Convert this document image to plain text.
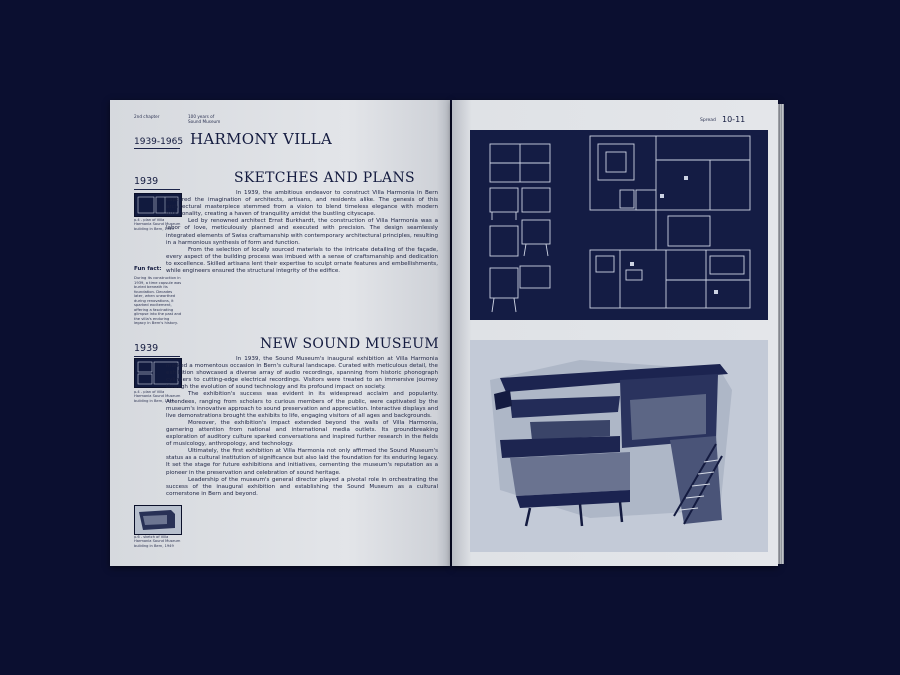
2nd chapter	100 years of Sound Museum
1939-1965 HARMONY VILLA
SKETCHES AND PLANS
1939
p.4 - plan of Villa Harmonia Sound Museum building in Bern, 1949

In 1939, the ambitious endeavor to construct Villa Harmonia in Bern captured the imagination of architects, artisans, and residents alike. The genesis of this architectural masterpiece stemmed from a vision to blend timeless elegance with modern functionality, creating a haven of tranquility amidst the bustling cityscape.

Led by renowned architect Ernst Burkhardt, the construction of Villa Harmonia was a labor of love, meticulously planned and executed with precision. The design seamlessly integrated elements of Swiss craftsmanship with contemporary architectural principles, resulting in a harmonious synthesis of form and function.

From the selection of locally sourced materials to the intricate detailing of the façade, every aspect of the building process was imbued with a sense of craftsmanship and dedication to excellence. Skilled artisans lent their expertise to sculpt ornate features and embellishments, while engineers ensured the structural integrity of the edifice.

Fun fact:
During its construction in 1939, a time capsule was buried beneath its foundation. Decades later, when unearthed during renovations, it sparked excitement, offering a fascinating glimpse into the past and the villa's enduring legacy in Bern's history.
NEW SOUND MUSEUM
1939
p.4 - plan of Villa Harmonia Sound Museum building in Bern, 1949
p.6 - sketch of Villa Harmonia Sound Museum building in Bern, 1949

In 1939, the Sound Museum's inaugural exhibition at Villa Harmonia marked a momentous occasion in Bern's cultural landscape. Curated with meticulous detail, the exhibition showcased a diverse array of audio recordings, spanning from historic phonograph cylinders to cutting-edge electrical recordings. Visitors were treated to an immersive journey through the evolution of sound technology and its profound impact on society.

The exhibition's success was evident in its widespread acclaim and popularity. Attendees, ranging from scholars to curious members of the public, were captivated by the museum's innovative approach to sound preservation and appreciation. Interactive displays and live demonstrations brought the exhibits to life, engaging visitors of all ages and backgrounds.

Moreover, the exhibition's impact extended beyond the walls of Villa Harmonia, garnering attention from national and international media outlets. Its groundbreaking exploration of auditory culture sparked conversations and inspired further research in the fields of musicology, anthropology, and technology.

Ultimately, the first exhibition at Villa Harmonia not only affirmed the Sound Museum's status as a cultural institution of significance but also laid the foundation for its enduring legacy. It set the stage for future exhibitions and initiatives, cementing the museum's reputation as a pioneer in the preservation and celebration of sound heritage.

Leadership of the museum's general director played a pivotal role in orchestrating the success of the inaugural exhibition and establishing the Sound Museum as a cultural cornerstone in Bern and beyond.

Spread 10-11
